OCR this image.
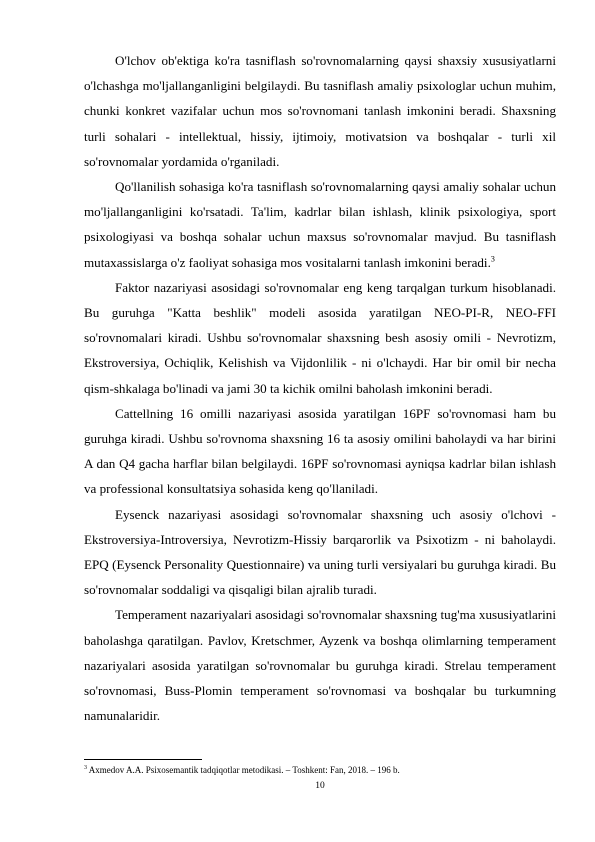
O'lchov ob'ektiga ko'ra tasniflash so'rovnomalarning qaysi shaxsiy xususiyatlarni o'lchashga mo'ljallanganligini belgilaydi. Bu tasniflash amaliy psixologlar uchun muhim, chunki konkret vazifalar uchun mos so'rovnomani tanlash imkonini beradi. Shaxsning turli sohalari - intellektual, hissiy, ijtimoiy, motivatsion va boshqalar - turli xil so'rovnomalar yordamida o'rganiladi.

Qo'llanilish sohasiga ko'ra tasniflash so'rovnomalarning qaysi amaliy sohalar uchun mo'ljallanganligini ko'rsatadi. Ta'lim, kadrlar bilan ishlash, klinik psixologiya, sport psixologiyasi va boshqa sohalar uchun maxsus so'rovnomalar mavjud. Bu tasniflash mutaxassislarga o'z faoliyat sohasiga mos vositalarni tanlash imkonini beradi.$^3$

Faktor nazariyasi asosidagi so'rovnomalar eng keng tarqalgan turkum hisoblanadi. Bu guruhga "Katta beshlik" modeli asosida yaratilgan NEO-PI-R, NEO-FFI so'rovnomalari kiradi. Ushbu so'rovnomalar shaxsning besh asosiy omili - Nevrotizm, Ekstroversiya, Ochiqlik, Kelishish va Vijdonlilik - ni o'lchaydi. Har bir omil bir necha qism-shkalaga bo'linadi va jami 30 ta kichik omilni baholash imkonini beradi.

Cattellning 16 omilli nazariyasi asosida yaratilgan 16PF so'rovnomasi ham bu guruhga kiradi. Ushbu so'rovnoma shaxsning 16 ta asosiy omilini baholaydi va har birini A dan Q4 gacha harflar bilan belgilaydi. 16PF so'rovnomasi ayniqsa kadrlar bilan ishlash va professional konsultatsiya sohasida keng qo'llaniladi.

Eysenck nazariyasi asosidagi so'rovnomalar shaxsning uch asosiy o'lchovi - Ekstroversiya-Introversiya, Nevrotizm-Hissiy barqarorlik va Psixotizm - ni baholaydi. EPQ (Eysenck Personality Questionnaire) va uning turli versiyalari bu guruhga kiradi. Bu so'rovnomalar soddaligi va qisqaligi bilan ajralib turadi.

Temperament nazariyalari asosidagi so'rovnomalar shaxsning tug'ma xususiyatlarini baholashga qaratilgan. Pavlov, Kretschmer, Ayzenk va boshqa olimlarning temperament nazariyalari asosida yaratilgan so'rovnomalar bu guruhga kiradi. Strelau temperament so'rovnomasi, Buss-Plomin temperament so'rovnomasi va boshqalar bu turkumning namunalaridir.

$^3$ Axmedov A.A. Psixosemantik tadqiqotlar metodikasi. – Toshkent: Fan, 2018. – 196 b.

10
